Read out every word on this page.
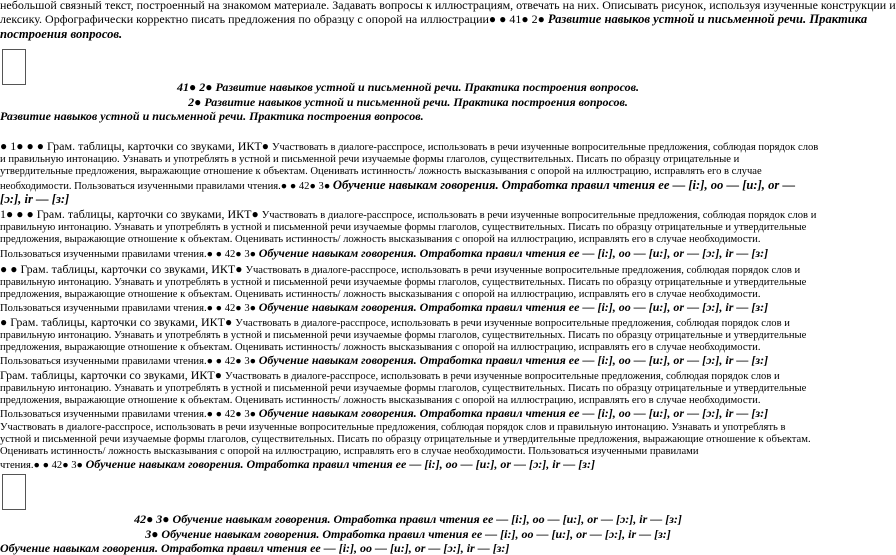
небольшой связный текст, построенный на знакомом материале. Задавать вопросы к иллюстрациям, отвечать на них. Описывать рисунок, используя изученные конструкции и
лексику. Орфографически корректно писать предложения по образцу с опорой на иллюстрации● ● 41● 2● Развитие навыков устной и письменной речи. Практика
построения вопросов.
41● 2● Развитие навыков устной и письменной речи. Практика построения вопросов.
2● Развитие навыков устной и письменной речи. Практика построения вопросов.
Развитие навыков устной и письменной речи. Практика построения вопросов.
● 1● ● ● Грам. таблицы, карточки со звуками, ИКТ● Участвовать в диалоге-расспросе, использовать в речи изученные вопросительные предложения, соблюдая порядок слов
и правильную интонацию. Узнавать и употреблять в устной и письменной речи изучаемые формы глаголов, существительных. Писать по образцу отрицательные и
утвердительные предложения, выражающие отношение к объектам. Оценивать истинность/ ложность высказывания с опорой на иллюстрацию, исправлять его в случае
необходимости. Пользоваться изученными правилами чтения.● ● 42● 3● Обучение навыкам говорения. Отработка правил чтения ee — [i:], oo — [u:], or —
[ɔ:], ir — [з:]
1● ● ● Грам. таблицы, карточки со звуками, ИКТ● Участвовать в диалоге-расспросе, использовать в речи изученные вопросительные предложения, соблюдая порядок слов и
правильную интонацию. Узнавать и употреблять в устной и письменной речи изучаемые формы глаголов, существительных. Писать по образцу отрицательные и утвердительные
предложения, выражающие отношение к объектам. Оценивать истинность/ ложность высказывания с опорой на иллюстрацию, исправлять его в случае необходимости.
Пользоваться изученными правилами чтения.● ● 42● 3● Обучение навыкам говорения. Отработка правил чтения ee — [i:], oo — [u:], or — [ɔ:], ir — [з:]
● ● Грам. таблицы, карточки со звуками, ИКТ● Участвовать в диалоге-расспросе, использовать в речи изученные вопросительные предложения, соблюдая порядок слов и
правильную интонацию. Узнавать и употреблять в устной и письменной речи изучаемые формы глаголов, существительных. Писать по образцу отрицательные и утвердительные
предложения, выражающие отношение к объектам. Оценивать истинность/ ложность высказывания с опорой на иллюстрацию, исправлять его в случае необходимости.
Пользоваться изученными правилами чтения.● ● 42● 3● Обучение навыкам говорения. Отработка правил чтения ee — [i:], oo — [u:], or — [ɔ:], ir — [з:]
● Грам. таблицы, карточки со звуками, ИКТ● Участвовать в диалоге-расспросе, использовать в речи изученные вопросительные предложения, соблюдая порядок слов и
правильную интонацию. Узнавать и употреблять в устной и письменной речи изучаемые формы глаголов, существительных. Писать по образцу отрицательные и утвердительные
предложения, выражающие отношение к объектам. Оценивать истинность/ ложность высказывания с опорой на иллюстрацию, исправлять его в случае необходимости.
Пользоваться изученными правилами чтения.● ● 42● 3● Обучение навыкам говорения. Отработка правил чтения ee — [i:], oo — [u:], or — [ɔ:], ir — [з:]
Грам. таблицы, карточки со звуками, ИКТ● Участвовать в диалоге-расспросе, использовать в речи изученные вопросительные предложения, соблюдая порядок слов и
правильную интонацию. Узнавать и употреблять в устной и письменной речи изучаемые формы глаголов, существительных. Писать по образцу отрицательные и утвердительные
предложения, выражающие отношение к объектам. Оценивать истинность/ ложность высказывания с опорой на иллюстрацию, исправлять его в случае необходимости.
Пользоваться изученными правилами чтения.● ● 42● 3● Обучение навыкам говорения. Отработка правил чтения ee — [i:], oo — [u:], or — [ɔ:], ir — [з:]
Участвовать в диалоге-расспросе, использовать в речи изученные вопросительные предложения, соблюдая порядок слов и правильную интонацию. Узнавать и употреблять в
устной и письменной речи изучаемые формы глаголов, существительных. Писать по образцу отрицательные и утвердительные предложения, выражающие отношение к объектам.
Оценивать истинность/ ложность высказывания с опорой на иллюстрацию, исправлять его в случае необходимости. Пользоваться изученными правилами
чтения.● ● 42● 3● Обучение навыкам говорения. Отработка правил чтения ee — [i:], oo — [u:], or — [ɔ:], ir — [з:]
42● 3● Обучение навыкам говорения. Отработка правил чтения ee — [i:], oo — [u:], or — [ɔ:], ir — [з:]
3● Обучение навыкам говорения. Отработка правил чтения ee — [i:], oo — [u:], or — [ɔ:], ir — [з:]
Обучение навыкам говорения. Отработка правил чтения ee — [i:], oo — [u:], or — [ɔ:], ir — [з:]
